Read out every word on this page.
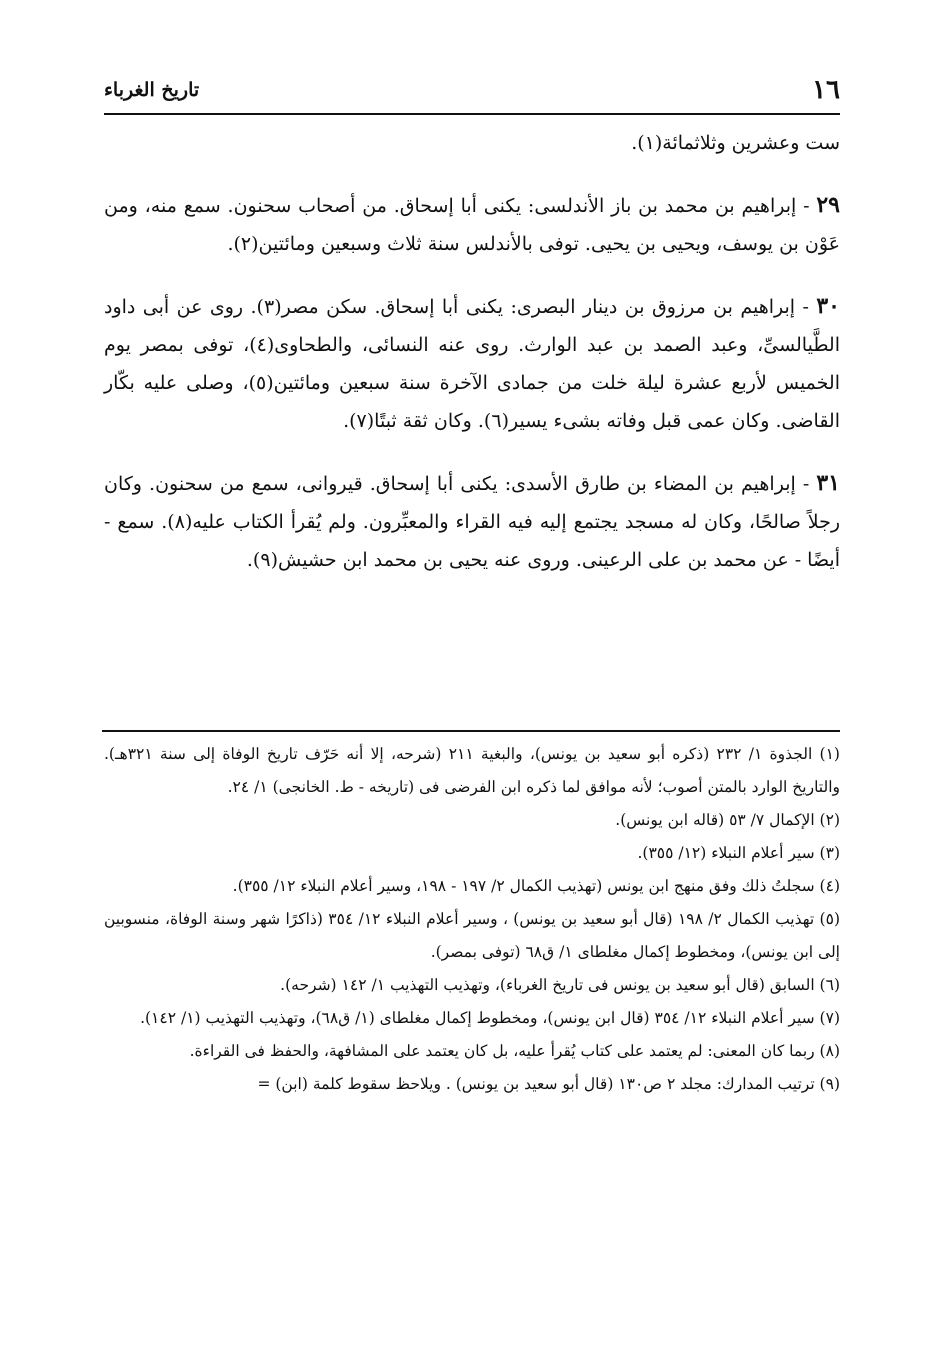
١٦
تاريخ الغرباء

ست وعشرين وثلاثمائة(١).

٢٩ - إبراهيم بن محمد بن باز الأندلسى: يكنى أبا إسحاق. من أصحاب سحنون. سمع منه، ومن عَوْن بن يوسف، ويحيى بن يحيى. توفى بالأندلس سنة ثلاث وسبعين ومائتين(٢).

٣٠ - إبراهيم بن مرزوق بن دينار البصرى: يكنى أبا إسحاق. سكن مصر(٣). روى عن أبى داود الطَّيالسىِّ، وعبد الصمد بن عبد الوارث. روى عنه النسائى، والطحاوى(٤)، توفى بمصر يوم الخميس لأربع عشرة ليلة خلت من جمادى الآخرة سنة سبعين ومائتين(٥)، وصلى عليه بكّار القاضى. وكان عمى قبل وفاته بشىء يسير(٦). وكان ثقة ثبتًا(٧).

٣١ - إبراهيم بن المضاء بن طارق الأسدى: يكنى أبا إسحاق. قيروانى، سمع من سحنون. وكان رجلاً صالحًا، وكان له مسجد يجتمع إليه فيه القراء والمعبِّرون. ولم يُقرأ الكتاب عليه(٨). سمع - أيضًا - عن محمد بن على الرعينى. وروى عنه يحيى بن محمد ابن حشيش(٩).

(١) الجذوة ١/ ٢٣٢ (ذكره أبو سعيد بن يونس)، والبغية ٢١١ (شرحه، إلا أنه حَرّف تاريخ الوفاة إلى سنة ٣٢١هـ). والتاريخ الوارد بالمتن أصوب؛ لأنه موافق لما ذكره ابن الفرضى فى (تاريخه - ط. الخانجى) ١/ ٢٤.

(٢) الإكمال ٧/ ٥٣ (قاله ابن يونس).

(٣) سير أعلام النبلاء (١٢/ ٣٥٥).

(٤) سجلتُ ذلك وفق منهج ابن يونس (تهذيب الكمال ٢/ ١٩٧ - ١٩٨، وسير أعلام النبلاء ١٢/ ٣٥٥).

(٥) تهذيب الكمال ٢/ ١٩٨ (قال أبو سعيد بن يونس) ، وسير أعلام النبلاء ١٢/ ٣٥٤ (ذاكرًا شهر وسنة الوفاة، منسوبين إلى ابن يونس)، ومخطوط إكمال مغلطاى ١/ ق٦٨ (توفى بمصر).

(٦) السابق (قال أبو سعيد بن يونس فى تاريخ الغرباء)، وتهذيب التهذيب ١/ ١٤٢ (شرحه).

(٧) سير أعلام النبلاء ١٢/ ٣٥٤ (قال ابن يونس)، ومخطوط إكمال مغلطاى (١/ ق٦٨)، وتهذيب التهذيب (١/ ١٤٢).

(٨) ربما كان المعنى: لم يعتمد على كتاب يُقرأ عليه، بل كان يعتمد على المشافهة، والحفظ فى القراءة.

(٩) ترتيب المدارك: مجلد ٢ ص١٣٠ (قال أبو سعيد بن يونس) . ويلاحظ سقوط كلمة (ابن) =
